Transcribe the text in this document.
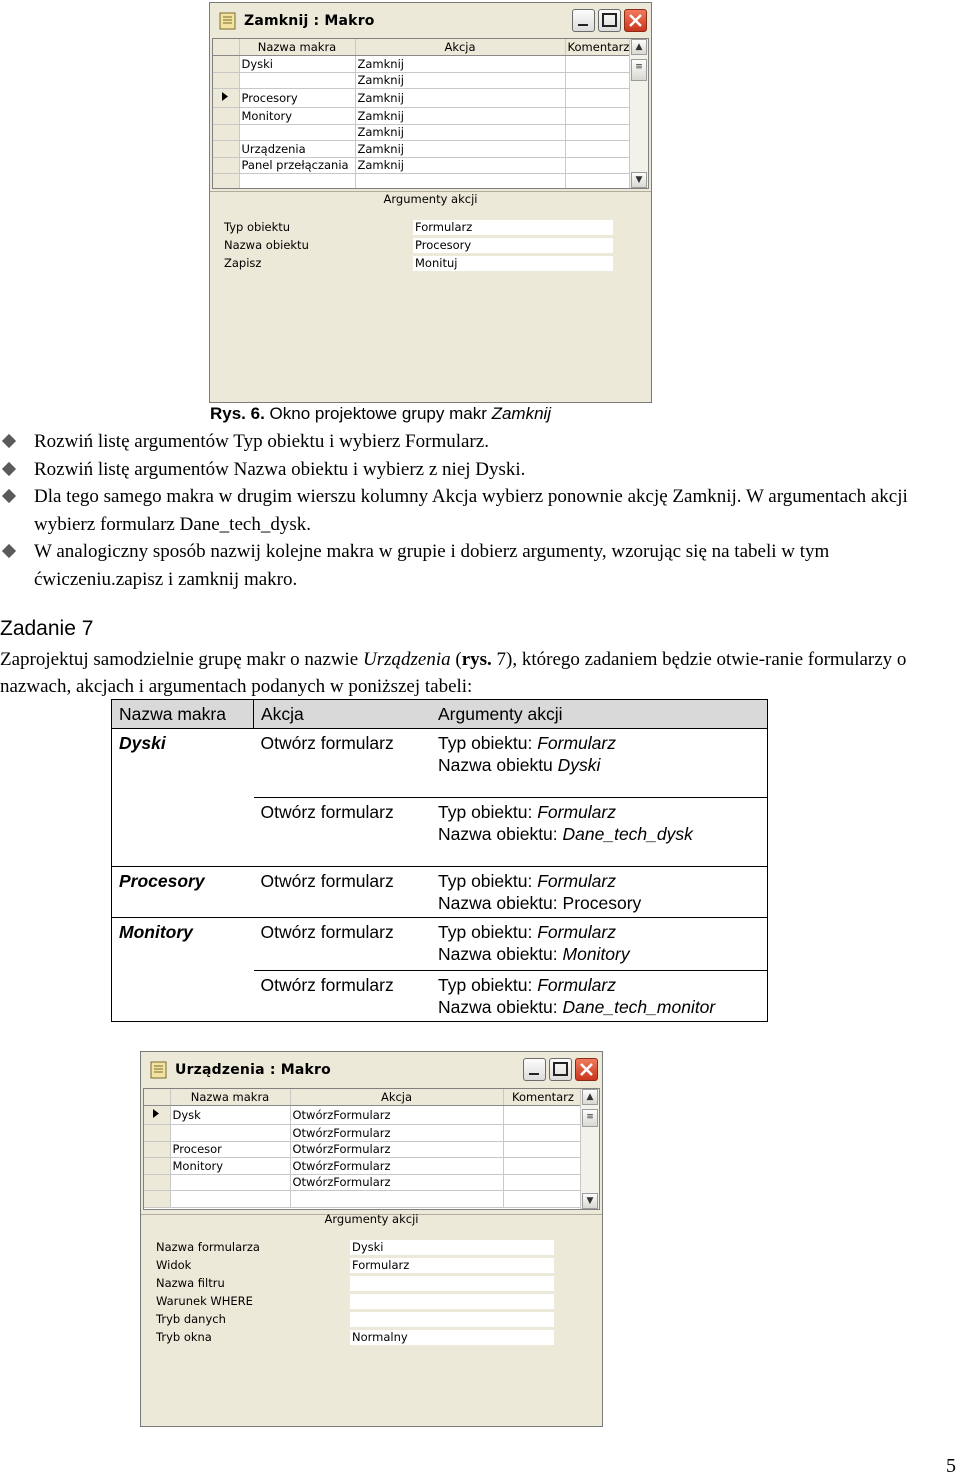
Zamknij : Makro
	Nazwa makra	Akcja	Komentarz
	Dyski	Zamknij	
		Zamknij	
	Procesory	Zamknij	
	Monitory	Zamknij	
		Zamknij	
	Urządzenia	Zamknij	
	Panel przełączania	Zamknij	

▲
≡
▼
Argumenty akcji
Typ obiektu	Formularz
Nazwa obiektu	Procesory
Zapisz	Monituj
Rys. 6. Okno projektowe grupy makr Zamknij
Rozwiń listę argumentów Typ obiektu i wybierz Formularz.
Rozwiń listę argumentów Nazwa obiektu i wybierz z niej Dyski.
Dla tego samego makra w drugim wierszu kolumny Akcja wybierz ponownie akcję Zamknij. W argumentach akcji wybierz formularz Dane_tech_dysk.
W analogiczny sposób nazwij kolejne makra w grupie i dobierz argumenty, wzorując się na tabeli w tym ćwiczeniu.zapisz i zamknij makro.
Zadanie 7
Zaprojektuj samodzielnie grupę makr o nazwie Urządzenia (rys. 7), którego zadaniem będzie otwie-ranie formularzy o nazwach, akcjach i argumentach podanych w poniższej tabeli:
Nazwa makra	Akcja	Argumenty akcji
Dyski	Otwórz formularz	Typ obiektu: Formularz
Nazwa obiektu Dyski
	Otwórz formularz	Typ obiektu: Formularz
Nazwa obiektu: Dane_tech_dysk
Procesory	Otwórz formularz	Typ obiektu: Formularz
Nazwa obiektu: Procesory
Monitory	Otwórz formularz	Typ obiektu: Formularz
Nazwa obiektu: Monitory
	Otwórz formularz	Typ obiektu: Formularz
Nazwa obiektu: Dane_tech_monitor
Urządzenia : Makro
	Nazwa makra	Akcja	Komentarz
	Dysk	OtwórzFormularz	
		OtwórzFormularz	
	Procesor	OtwórzFormularz	
	Monitory	OtwórzFormularz	
		OtwórzFormularz	

▲
≡
▼
Argumenty akcji
Nazwa formularza	Dyski
Widok	Formularz
Nazwa filtru
Warunek WHERE
Tryb danych
Tryb okna	Normalny
5
